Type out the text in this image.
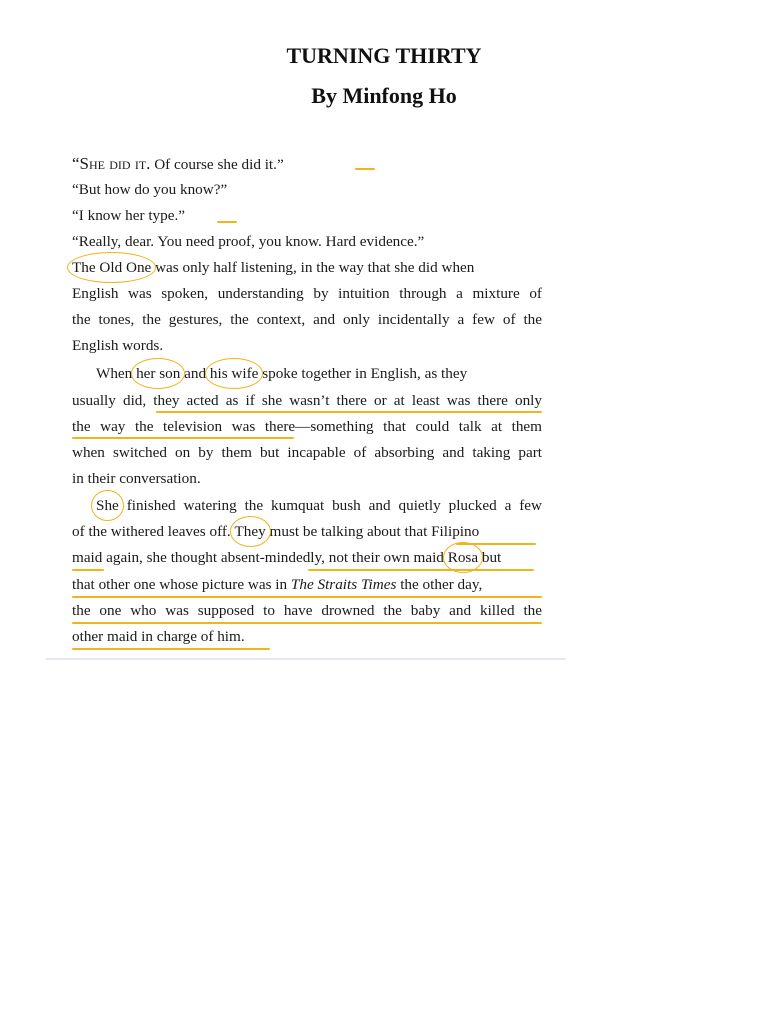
TURNING THIRTY
By Minfong Ho

“She did it. Of course she did it.”

“But how do you know?”

“I know her type.”

“Really, dear. You need proof, you know. Hard evidence.”

The Old One
was only half listening, in the way that she did when

English was spoken, understanding by intuition through a mixture of

the tones, the gestures, the context, and only incidentally a few of the

English words.

When her son
and his wife
spoke together in English, as they

usually did, they acted as if she wasn’t there or at least was there only

the way the television was there—something that could talk at them

when switched on by them but incapable of absorbing and taking part

in their conversation.

She
finished watering the kumquat bush and quietly plucked a few

of the withered leaves off. They
must be talking about that Filipino

maid again, she thought absent-mindedly, not their own maid Rosa
but

that other one whose picture was in The Straits Times the other day,

the one who was supposed to have drowned the baby and killed the

other maid in charge of him.
